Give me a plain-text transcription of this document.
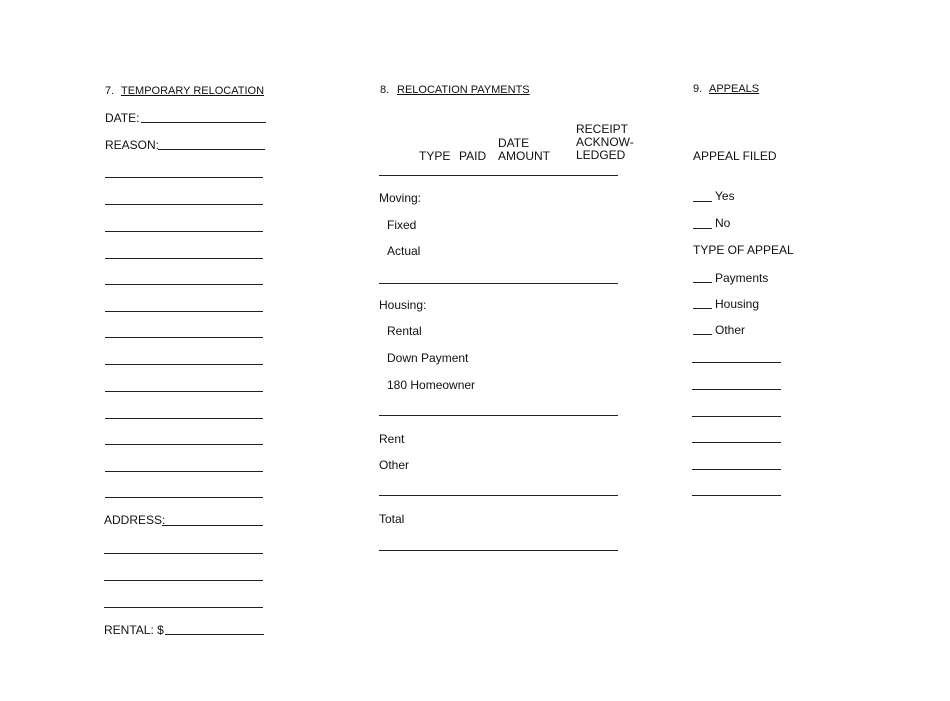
7. TEMPORARY RELOCATION
DATE:
REASON:
ADDRESS:
RENTAL: $
8. RELOCATION PAYMENTS
TYPE PAID
DATE
AMOUNT
RECEIPT
ACKNOW-
LEDGED
Moving:
Fixed
Actual
Housing:
Rental
Down Payment
180 Homeowner
Rent
Other
Total
9. APPEALS
APPEAL FILED
Yes
No
TYPE OF APPEAL
Payments
Housing
Other
